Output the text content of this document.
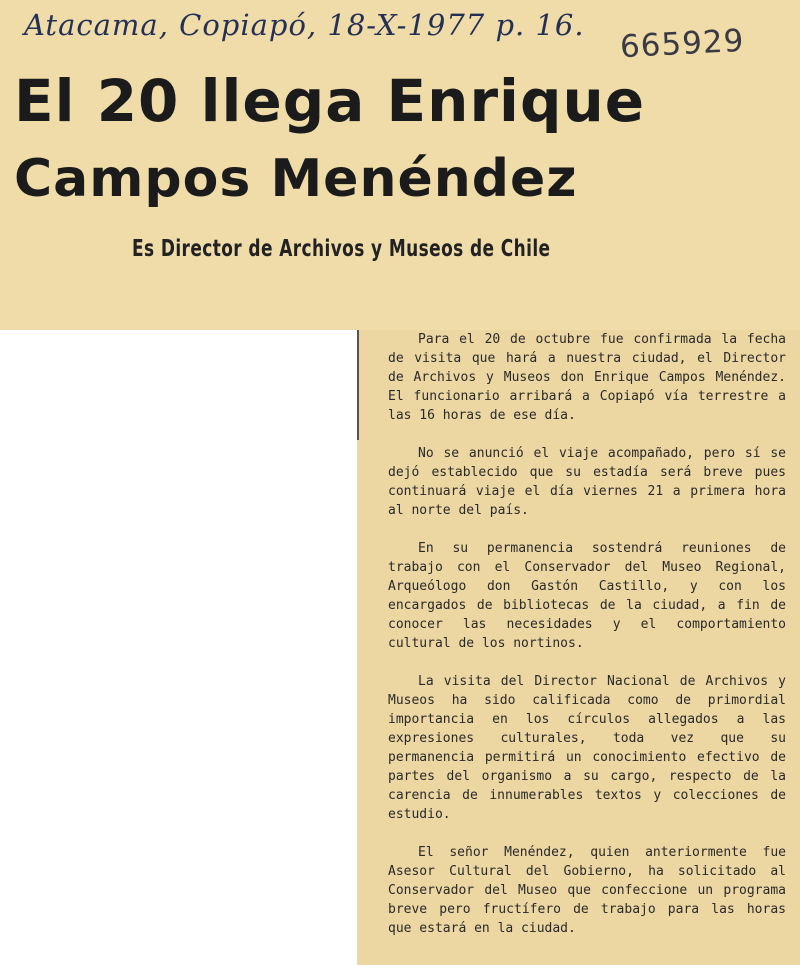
Atacama, Copiapó, 18-X-1977 p. 16. 665929
El 20 llega Enrique
Campos Menéndez
Es Director de Archivos y Museos de Chile

Para el 20 de octubre fue confirmada la fecha de visita que hará a nuestra ciudad, el Director de Archivos y Museos don Enrique Campos Menéndez. El funcionario arribará a Copiapó vía terrestre a las 16 horas de ese día.

No se anunció el viaje acompañado, pero sí se dejó establecido que su estadía será breve pues continuará viaje el día viernes 21 a primera hora al norte del país.

En su permanencia sostendrá reuniones de trabajo con el Conservador del Museo Regional, Arqueólogo don Gastón Castillo, y con los encargados de bibliotecas de la ciudad, a fin de conocer las necesidades y el comportamiento cultural de los nortinos.

La visita del Director Nacional de Archivos y Museos ha sido calificada como de primordial importancia en los círculos allegados a las expresiones culturales, toda vez que su permanencia permitirá un conocimiento efectivo de partes del organismo a su cargo, respecto de la carencia de innumerables textos y colecciones de estudio.

El señor Menéndez, quien anteriormente fue Asesor Cultural del Gobierno, ha solicitado al Conservador del Museo que confeccione un programa breve pero fructífero de trabajo para las horas que estará en la ciudad.
